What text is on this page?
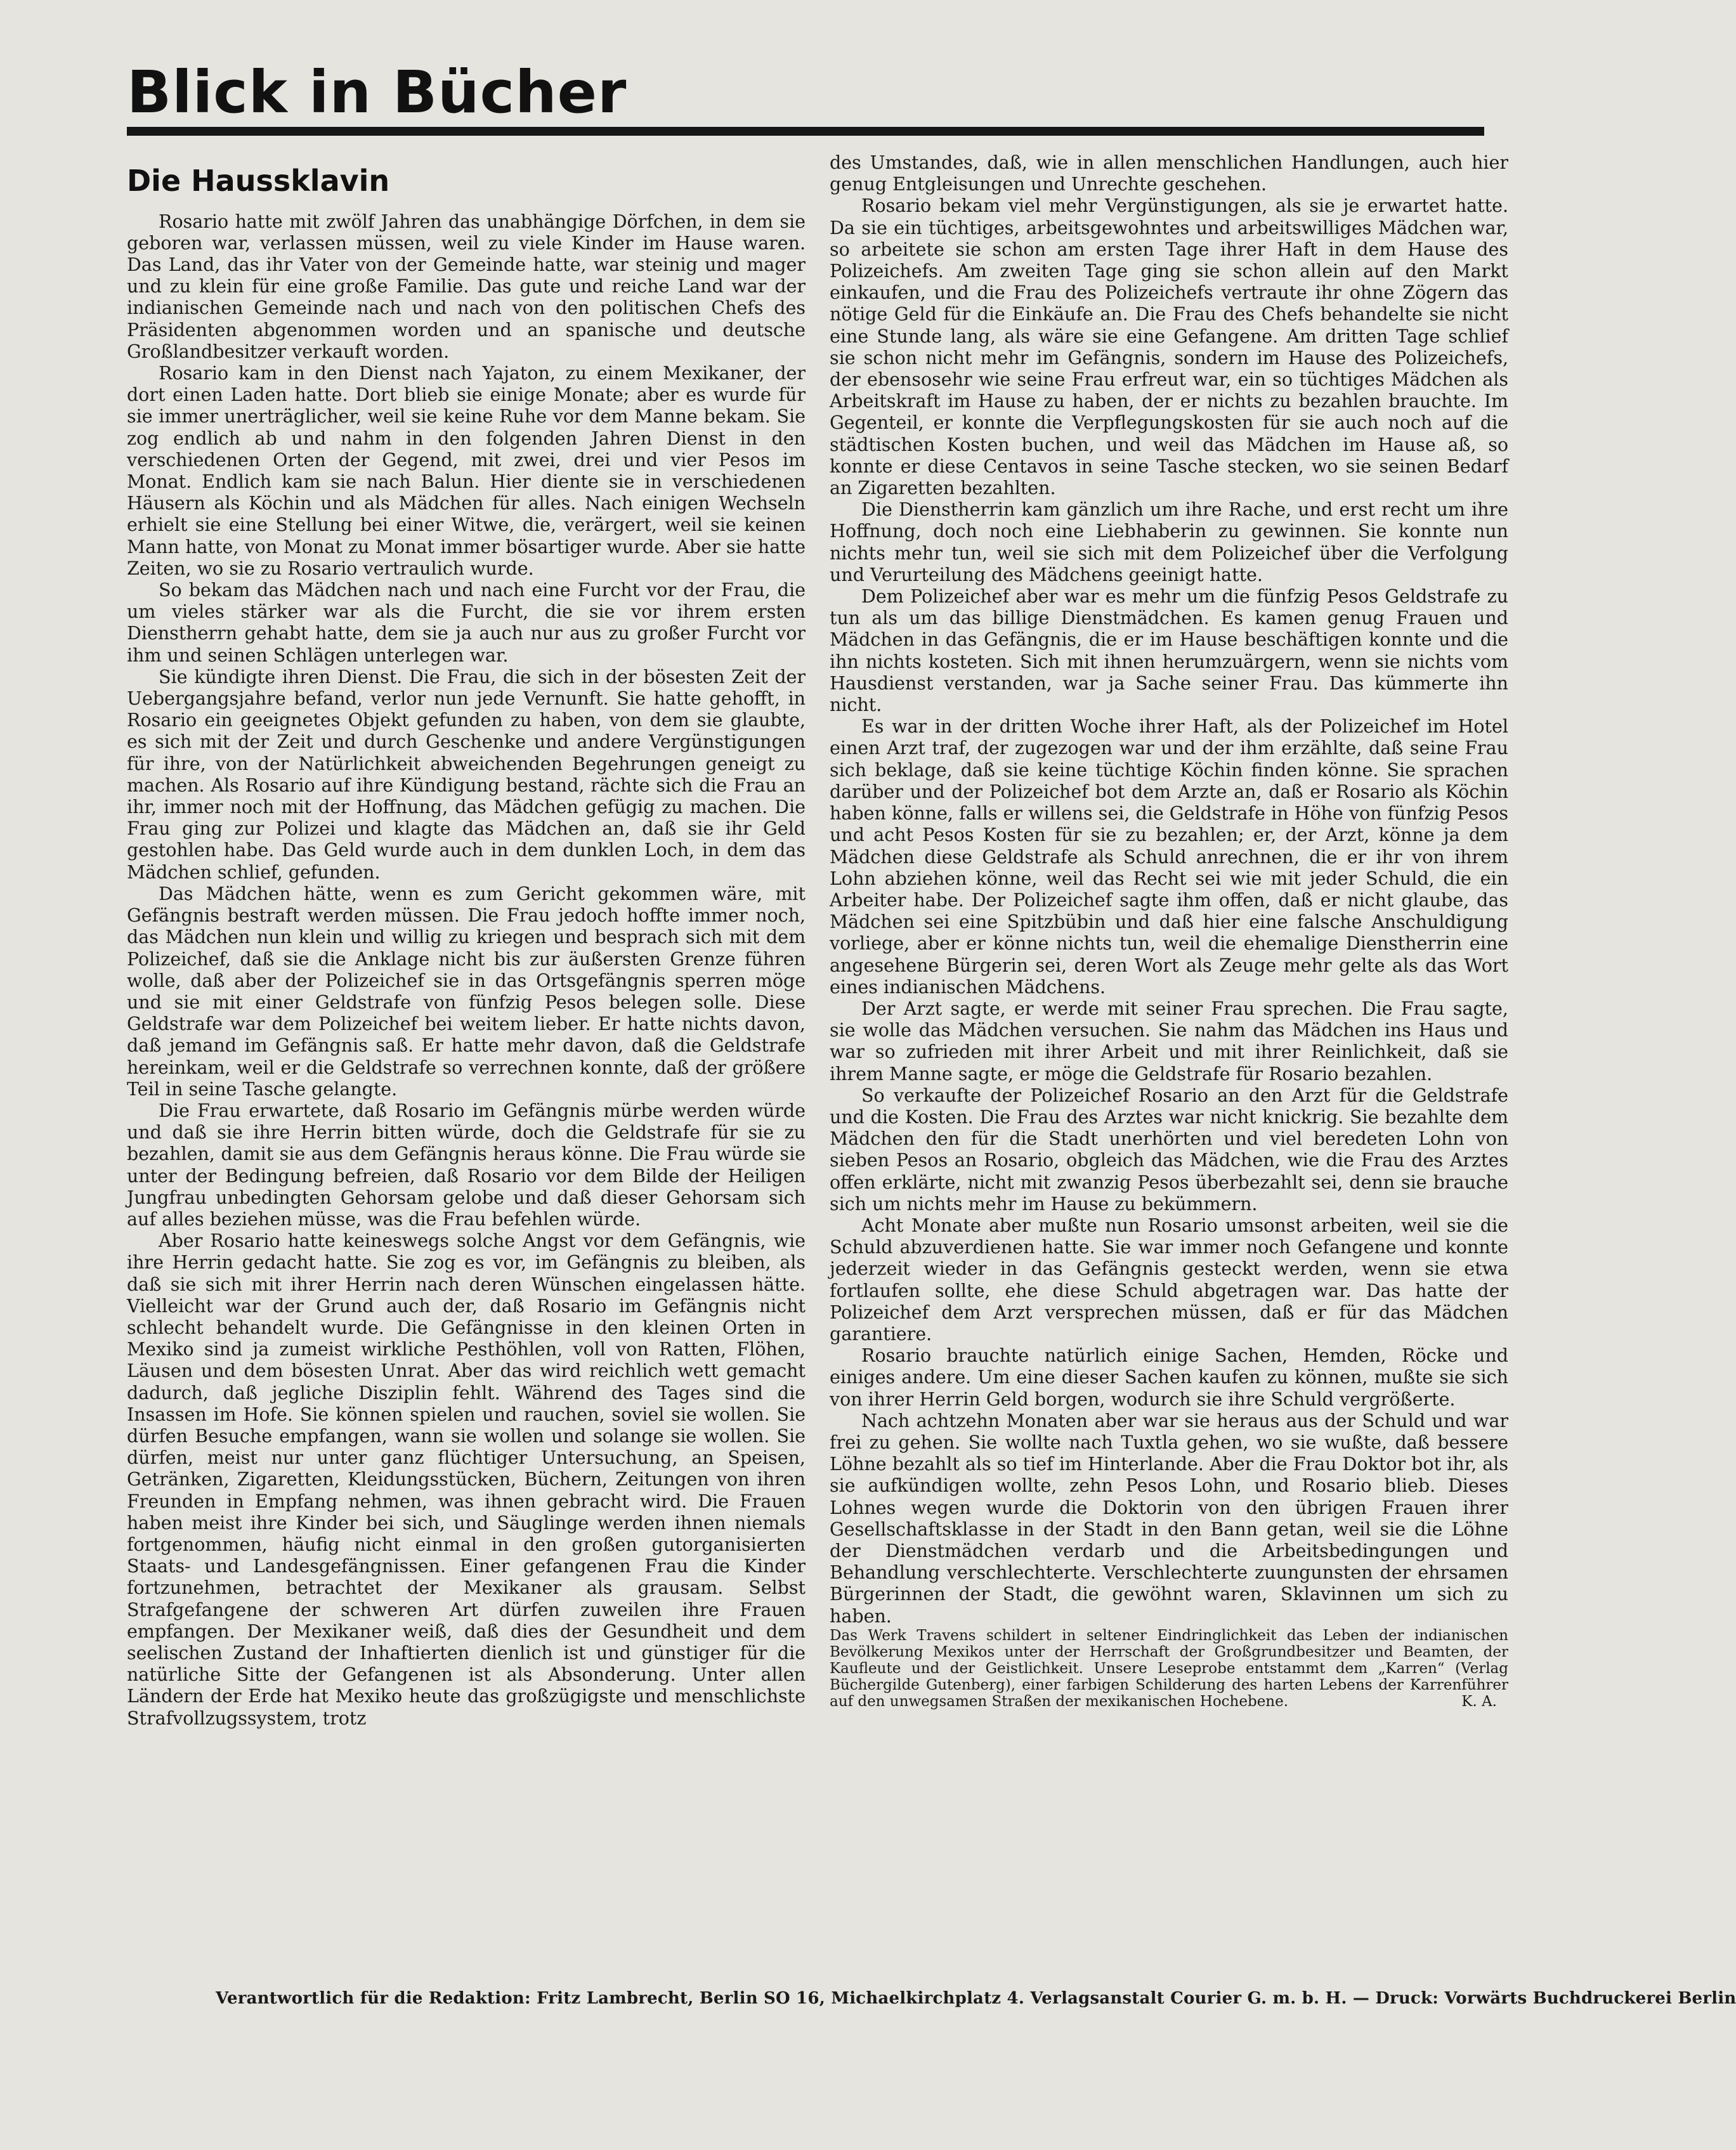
Blick in Bücher
Die Haussklavin

Rosario hatte mit zwölf Jahren das unabhängige Dörfchen, in dem sie geboren war, verlassen müssen, weil zu viele Kinder im Hause waren. Das Land, das ihr Vater von der Gemeinde hatte, war steinig und mager und zu klein für eine große Familie. Das gute und reiche Land war der indianischen Gemeinde nach und nach von den politischen Chefs des Präsidenten abgenommen worden und an spanische und deutsche Großlandbesitzer verkauft worden.

Rosario kam in den Dienst nach Yajaton, zu einem Mexikaner, der dort einen Laden hatte. Dort blieb sie einige Monate; aber es wurde für sie immer unerträglicher, weil sie keine Ruhe vor dem Manne bekam. Sie zog endlich ab und nahm in den folgenden Jahren Dienst in den verschiedenen Orten der Gegend, mit zwei, drei und vier Pesos im Monat. Endlich kam sie nach Balun. Hier diente sie in verschiedenen Häusern als Köchin und als Mädchen für alles. Nach einigen Wechseln erhielt sie eine Stellung bei einer Witwe, die, verärgert, weil sie keinen Mann hatte, von Monat zu Monat immer bösartiger wurde. Aber sie hatte Zeiten, wo sie zu Rosario vertraulich wurde.

So bekam das Mädchen nach und nach eine Furcht vor der Frau, die um vieles stärker war als die Furcht, die sie vor ihrem ersten Dienstherrn gehabt hatte, dem sie ja auch nur aus zu großer Furcht vor ihm und seinen Schlägen unterlegen war.

Sie kündigte ihren Dienst. Die Frau, die sich in der bösesten Zeit der Uebergangsjahre befand, verlor nun jede Vernunft. Sie hatte gehofft, in Rosario ein geeignetes Objekt gefunden zu haben, von dem sie glaubte, es sich mit der Zeit und durch Geschenke und andere Vergünstigungen für ihre, von der Natürlichkeit abweichenden Begehrungen geneigt zu machen. Als Rosario auf ihre Kündigung bestand, rächte sich die Frau an ihr, immer noch mit der Hoffnung, das Mädchen gefügig zu machen. Die Frau ging zur Polizei und klagte das Mädchen an, daß sie ihr Geld gestohlen habe. Das Geld wurde auch in dem dunklen Loch, in dem das Mädchen schlief, gefunden.

Das Mädchen hätte, wenn es zum Gericht gekommen wäre, mit Gefängnis bestraft werden müssen. Die Frau jedoch hoffte immer noch, das Mädchen nun klein und willig zu kriegen und besprach sich mit dem Polizeichef, daß sie die Anklage nicht bis zur äußersten Grenze führen wolle, daß aber der Polizeichef sie in das Ortsgefängnis sperren möge und sie mit einer Geldstrafe von fünfzig Pesos belegen solle. Diese Geldstrafe war dem Polizeichef bei weitem lieber. Er hatte nichts davon, daß jemand im Gefängnis saß. Er hatte mehr davon, daß die Geldstrafe hereinkam, weil er die Geldstrafe so verrechnen konnte, daß der größere Teil in seine Tasche gelangte.

Die Frau erwartete, daß Rosario im Gefängnis mürbe werden würde und daß sie ihre Herrin bitten würde, doch die Geldstrafe für sie zu bezahlen, damit sie aus dem Gefängnis heraus könne. Die Frau würde sie unter der Bedingung befreien, daß Rosario vor dem Bilde der Heiligen Jungfrau unbedingten Gehorsam gelobe und daß dieser Gehorsam sich auf alles beziehen müsse, was die Frau befehlen würde.

Aber Rosario hatte keineswegs solche Angst vor dem Gefängnis, wie ihre Herrin gedacht hatte. Sie zog es vor, im Gefängnis zu bleiben, als daß sie sich mit ihrer Herrin nach deren Wünschen eingelassen hätte. Vielleicht war der Grund auch der, daß Rosario im Gefängnis nicht schlecht behandelt wurde. Die Gefängnisse in den kleinen Orten in Mexiko sind ja zumeist wirkliche Pesthöhlen, voll von Ratten, Flöhen, Läusen und dem bösesten Unrat. Aber das wird reichlich wett gemacht dadurch, daß jegliche Disziplin fehlt. Während des Tages sind die Insassen im Hofe. Sie können spielen und rauchen, soviel sie wollen. Sie dürfen Besuche empfangen, wann sie wollen und solange sie wollen. Sie dürfen, meist nur unter ganz flüchtiger Untersuchung, an Speisen, Getränken, Zigaretten, Kleidungsstücken, Büchern, Zeitungen von ihren Freunden in Empfang nehmen, was ihnen gebracht wird. Die Frauen haben meist ihre Kinder bei sich, und Säuglinge werden ihnen niemals fortgenommen, häufig nicht einmal in den großen gutorganisierten Staats- und Landesgefängnissen. Einer gefangenen Frau die Kinder fortzunehmen, betrachtet der Mexikaner als grausam. Selbst Strafgefangene der schweren Art dürfen zuweilen ihre Frauen empfangen. Der Mexikaner weiß, daß dies der Gesundheit und dem seelischen Zustand der Inhaftierten dienlich ist und günstiger für die natürliche Sitte der Gefangenen ist als Absonderung. Unter allen Ländern der Erde hat Mexiko heute das großzügigste und menschlichste Strafvollzugssystem, trotz

des Umstandes, daß, wie in allen menschlichen Handlungen, auch hier genug Entgleisungen und Unrechte geschehen.

Rosario bekam viel mehr Vergünstigungen, als sie je erwartet hatte. Da sie ein tüchtiges, arbeitsgewohntes und arbeitswilliges Mädchen war, so arbeitete sie schon am ersten Tage ihrer Haft in dem Hause des Polizeichefs. Am zweiten Tage ging sie schon allein auf den Markt einkaufen, und die Frau des Polizeichefs vertraute ihr ohne Zögern das nötige Geld für die Einkäufe an. Die Frau des Chefs behandelte sie nicht eine Stunde lang, als wäre sie eine Gefangene. Am dritten Tage schlief sie schon nicht mehr im Gefängnis, sondern im Hause des Polizeichefs, der ebensosehr wie seine Frau erfreut war, ein so tüchtiges Mädchen als Arbeitskraft im Hause zu haben, der er nichts zu bezahlen brauchte. Im Gegenteil, er konnte die Verpflegungskosten für sie auch noch auf die städtischen Kosten buchen, und weil das Mädchen im Hause aß, so konnte er diese Centavos in seine Tasche stecken, wo sie seinen Bedarf an Zigaretten bezahlten.

Die Dienstherrin kam gänzlich um ihre Rache, und erst recht um ihre Hoffnung, doch noch eine Liebhaberin zu gewinnen. Sie konnte nun nichts mehr tun, weil sie sich mit dem Polizeichef über die Verfolgung und Verurteilung des Mädchens geeinigt hatte.

Dem Polizeichef aber war es mehr um die fünfzig Pesos Geldstrafe zu tun als um das billige Dienstmädchen. Es kamen genug Frauen und Mädchen in das Gefängnis, die er im Hause beschäftigen konnte und die ihn nichts kosteten. Sich mit ihnen herumzuärgern, wenn sie nichts vom Hausdienst verstanden, war ja Sache seiner Frau. Das kümmerte ihn nicht.

Es war in der dritten Woche ihrer Haft, als der Polizeichef im Hotel einen Arzt traf, der zugezogen war und der ihm erzählte, daß seine Frau sich beklage, daß sie keine tüchtige Köchin finden könne. Sie sprachen darüber und der Polizeichef bot dem Arzte an, daß er Rosario als Köchin haben könne, falls er willens sei, die Geldstrafe in Höhe von fünfzig Pesos und acht Pesos Kosten für sie zu bezahlen; er, der Arzt, könne ja dem Mädchen diese Geldstrafe als Schuld anrechnen, die er ihr von ihrem Lohn abziehen könne, weil das Recht sei wie mit jeder Schuld, die ein Arbeiter habe. Der Polizeichef sagte ihm offen, daß er nicht glaube, das Mädchen sei eine Spitzbübin und daß hier eine falsche Anschuldigung vorliege, aber er könne nichts tun, weil die ehemalige Dienstherrin eine angesehene Bürgerin sei, deren Wort als Zeuge mehr gelte als das Wort eines indianischen Mädchens.

Der Arzt sagte, er werde mit seiner Frau sprechen. Die Frau sagte, sie wolle das Mädchen versuchen. Sie nahm das Mädchen ins Haus und war so zufrieden mit ihrer Arbeit und mit ihrer Reinlichkeit, daß sie ihrem Manne sagte, er möge die Geldstrafe für Rosario bezahlen.

So verkaufte der Polizeichef Rosario an den Arzt für die Geldstrafe und die Kosten. Die Frau des Arztes war nicht knickrig. Sie bezahlte dem Mädchen den für die Stadt unerhörten und viel beredeten Lohn von sieben Pesos an Rosario, obgleich das Mädchen, wie die Frau des Arztes offen erklärte, nicht mit zwanzig Pesos überbezahlt sei, denn sie brauche sich um nichts mehr im Hause zu bekümmern.

Acht Monate aber mußte nun Rosario umsonst arbeiten, weil sie die Schuld abzuverdienen hatte. Sie war immer noch Gefangene und konnte jederzeit wieder in das Gefängnis gesteckt werden, wenn sie etwa fortlaufen sollte, ehe diese Schuld abgetragen war. Das hatte der Polizeichef dem Arzt versprechen müssen, daß er für das Mädchen garantiere.

Rosario brauchte natürlich einige Sachen, Hemden, Röcke und einiges andere. Um eine dieser Sachen kaufen zu können, mußte sie sich von ihrer Herrin Geld borgen, wodurch sie ihre Schuld vergrößerte.

Nach achtzehn Monaten aber war sie heraus aus der Schuld und war frei zu gehen. Sie wollte nach Tuxtla gehen, wo sie wußte, daß bessere Löhne bezahlt als so tief im Hinterlande. Aber die Frau Doktor bot ihr, als sie aufkündigen wollte, zehn Pesos Lohn, und Rosario blieb. Dieses Lohnes wegen wurde die Doktorin von den übrigen Frauen ihrer Gesellschaftsklasse in der Stadt in den Bann getan, weil sie die Löhne der Dienstmädchen verdarb und die Arbeitsbedingungen und Behandlung verschlechterte. Verschlechterte zuungunsten der ehrsamen Bürgerinnen der Stadt, die gewöhnt waren, Sklavinnen um sich zu haben.

Das Werk Travens schildert in seltener Eindringlichkeit das Leben der indianischen Bevölkerung Mexikos unter der Herrschaft der Großgrundbesitzer und Beamten, der Kaufleute und der Geistlichkeit. Unsere Leseprobe entstammt dem „Karren“ (Verlag Büchergilde Gutenberg), einer farbigen Schilderung des harten Lebens der Karrenführer auf den unwegsamen Straßen der mexikanischen Hochebene.	K. A.

Verantwortlich für die Redaktion: Fritz Lambrecht, Berlin SO 16, Michaelkirchplatz 4. Verlagsanstalt Courier G. m. b. H. — Druck: Vorwärts Buchdruckerei Berlin
